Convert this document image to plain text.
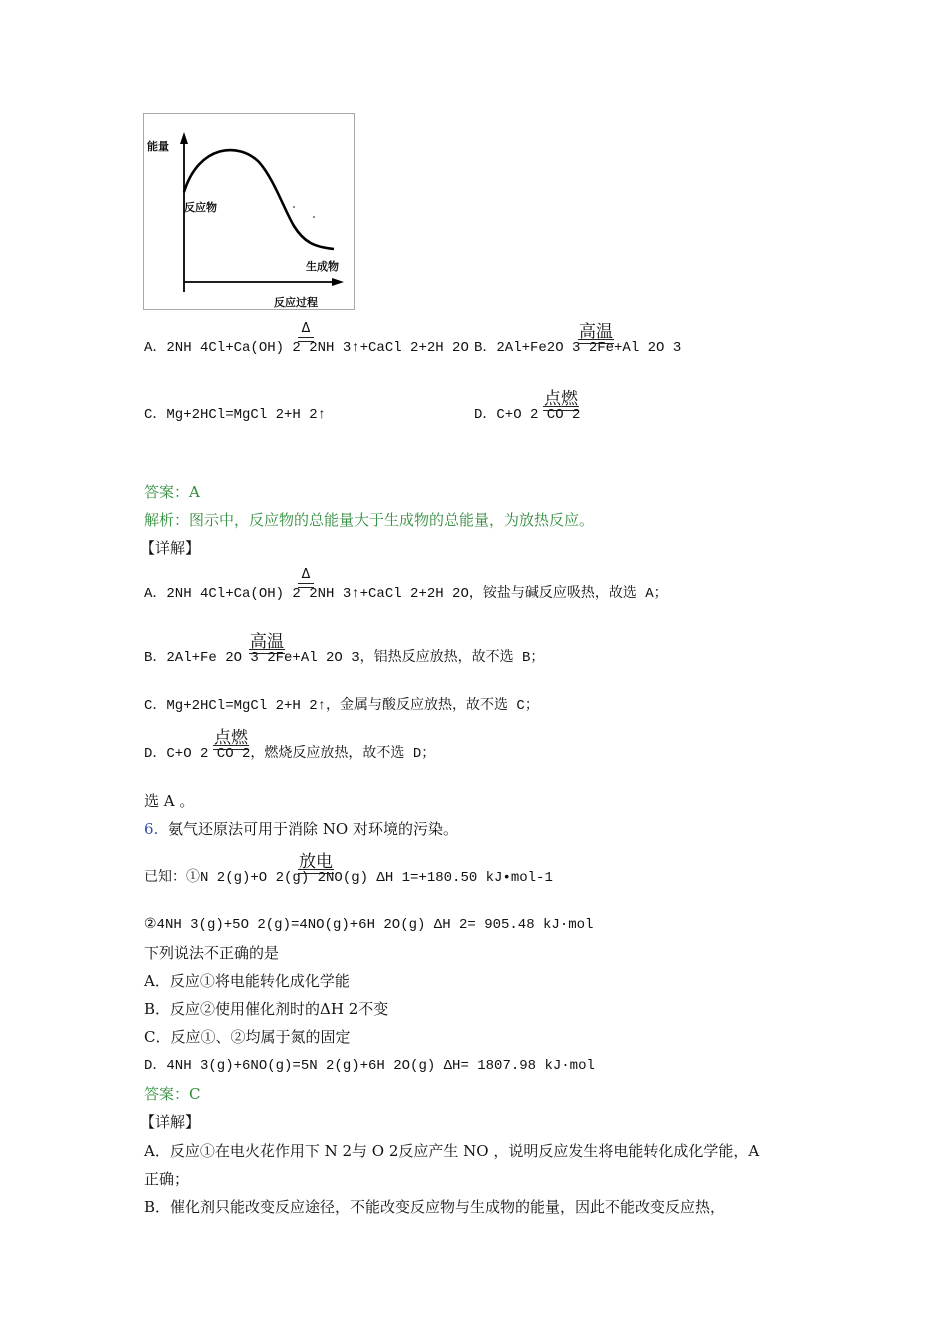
能量
反应物
生成物
反应过程
A．2NH 4Cl+Ca(OH) 2 2NH 3↑+CaCl 2+2H 2O
Δ
B．2Al+Fe2O 3 2Fe+Al 2O 3
高温
C．Mg+2HCl=MgCl 2+H 2↑	D．C+O 2 CO 2
点燃
答案：A
解析：图示中，反应物的总能量大于生成物的总能量，为放热反应。
【详解】
A．2NH 4Cl+Ca(OH) 2 2NH 3↑+CaCl 2+2H 2O，铵盐与碱反应吸热，故选 A；
Δ
B．2Al+Fe 2O 3 2Fe+Al 2O 3，铝热反应放热，故不选 B；
高温
C．Mg+2HCl=MgCl 2+H 2↑，金属与酸反应放热，故不选 C；
D．C+O 2 CO 2，燃烧反应放热，故不选 D；
点燃
选 A 。
6. 氨气还原法可用于消除 NO 对环境的污染。
已知：①N 2(g)+O 2(g) 2NO(g) ΔH 1=+180.50 kJ•mol-1
放电
②4NH 3(g)+5O 2(g)=4NO(g)+6H 2O(g) ΔH 2= 905.48 kJ·mol
下列说法不正确的是
A．反应①将电能转化成化学能
B．反应②使用催化剂时的ΔH 2不变
C．反应①、②均属于氮的固定
D．4NH 3(g)+6NO(g)=5N 2(g)+6H 2O(g) ΔH= 1807.98 kJ·mol
答案：C
【详解】
A．反应①在电火花作用下 N 2与 O 2反应产生 NO ，说明反应发生将电能转化成化学能，A
正确；
B．催化剂只能改变反应途径，不能改变反应物与生成物的能量，因此不能改变反应热，
